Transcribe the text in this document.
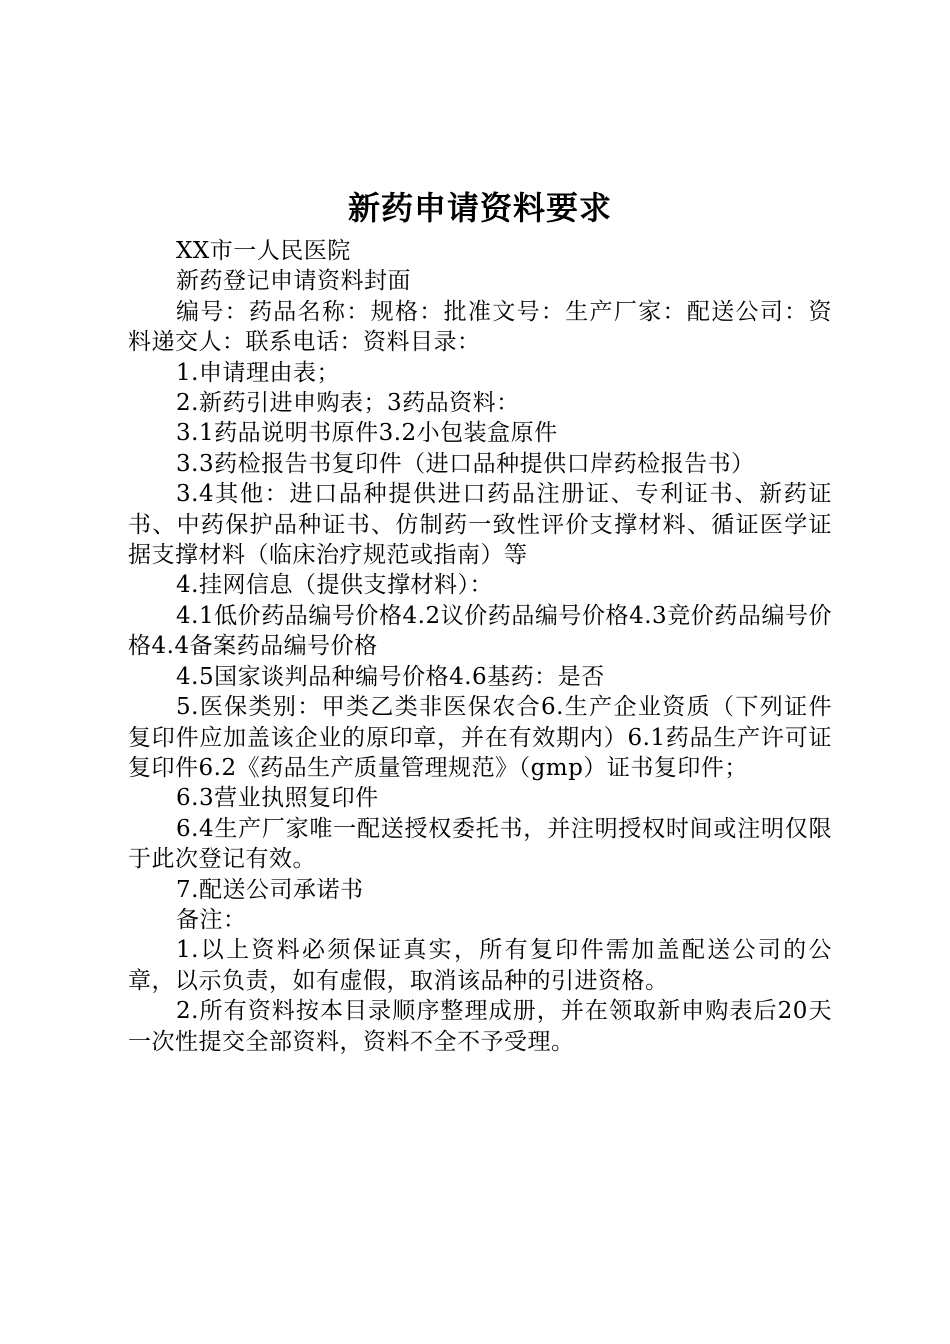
新药申请资料要求

XX市一人民医院

新药登记申请资料封面

编号：药品名称：规格：批准文号：生产厂家：配送公司：资料递交人：联系电话：资料目录：

1.申请理由表；

2.新药引进申购表；3药品资料：

3.1药品说明书原件3.2小包装盒原件

3.3药检报告书复印件（进口品种提供口岸药检报告书）

3.4其他：进口品种提供进口药品注册证、专利证书、新药证书、中药保护品种证书、仿制药一致性评价支撑材料、循证医学证据支撑材料（临床治疗规范或指南）等

4.挂网信息（提供支撑材料）：

4.1低价药品编号价格4.2议价药品编号价格4.3竞价药品编号价格4.4备案药品编号价格

4.5国家谈判品种编号价格4.6基药：是否

5.医保类别：甲类乙类非医保农合6.生产企业资质（下列证件复印件应加盖该企业的原印章，并在有效期内）6.1药品生产许可证复印件6.2《药品生产质量管理规范》（gmp）证书复印件；

6.3营业执照复印件

6.4生产厂家唯一配送授权委托书，并注明授权时间或注明仅限于此次登记有效。

7.配送公司承诺书

备注：

1.以上资料必须保证真实，所有复印件需加盖配送公司的公章，以示负责，如有虚假，取消该品种的引进资格。

2.所有资料按本目录顺序整理成册，并在领取新申购表后20天一次性提交全部资料，资料不全不予受理。
